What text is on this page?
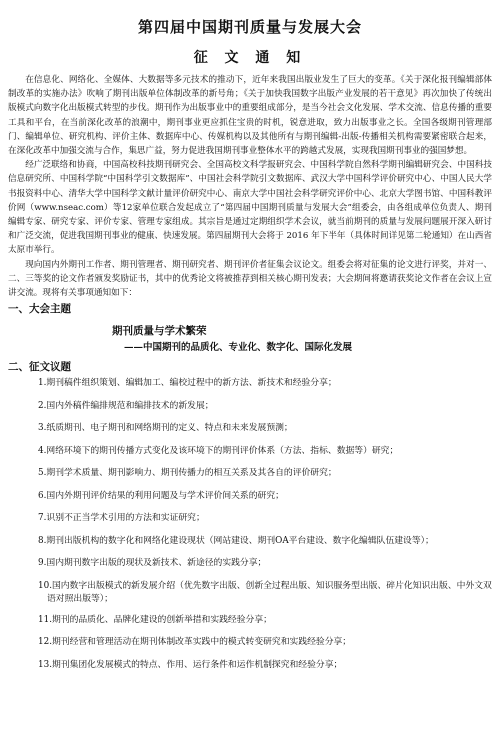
第四届中国期刊质量与发展大会
征 文 通 知

在信息化、网络化、全媒体、大数据等多元技术的推动下，近年来我国出版业发生了巨大的变革。《关于深化报刊编辑部体制改革的实施办法》吹响了期刊出版单位体制改革的新号角；《关于加快我国数字出版产业发展的若干意见》再次加快了传统出版模式向数字化出版模式转型的步伐。期刊作为出版事业中的重要组成部分，是当今社会文化发展、学术交流、信息传播的重要工具和平台，在当前深化改革的浪潮中，期刊事业更应抓住宝贵的时机，锐意进取，致力出版事业之长。全国各级期刊管理部门、编辑单位、研究机构、评价主体、数据库中心、传媒机构以及其他所有与期刊编辑-出版-传播相关机构需要紧密联合起来，在深化改革中加强交流与合作，集思广益，努力促进我国期刊事业整体水平的跨越式发展，实现我国期刊事业的强国梦想。

经广泛联络和协商，中国高校科技期刊研究会、全国高校文科学报研究会、中国科学院自然科学期刊编辑研究会、中国科技信息研究所、中国科学院“中国科学引文数据库”、中国社会科学院引文数据库、武汉大学中国科学评价研究中心、中国人民大学书报资料中心、清华大学中国科学文献计量评价研究中心、南京大学中国社会科学研究评价中心、北京大学图书馆、中国科教评价网（www.nseac.com）等12家单位联合发起成立了“第四届中国期刊质量与发展大会”组委会，由各组成单位负责人、期刊编辑专家、研究专家、评价专家、管理专家组成。其宗旨是通过定期组织学术会议，就当前期刊的质量与发展问题展开深入研讨和广泛交流，促进我国期刊事业的健康、快速发展。第四届期刊大会将于 2016 年下半年（具体时间详见第二轮通知）在山西省太原市举行。

现向国内外期刊工作者、期刊管理者、期刊研究者、期刊评价者征集会议论文。组委会将对征集的论文进行评奖，并对一、二、三等奖的论文作者颁发奖励证书，其中的优秀论文将被推荐到相关核心期刊发表；大会期间将邀请获奖论文作者在会议上宣讲交流。现将有关事项通知如下：

一、大会主题
期刊质量与学术繁荣
——中国期刊的品质化、专业化、数字化、国际化发展
二、征文议题
1.期刊稿件组织策划、编辑加工、编校过程中的新方法、新技术和经验分享；
2.国内外稿件编排规范和编排技术的新发展；
3.纸质期刊、电子期刊和网络期刊的定义、特点和未来发展预测；
4.网络环境下的期刊传播方式变化及该环境下的期刊评价体系（方法、指标、数据等）研究；
5.期刊学术质量、期刊影响力、期刊传播力的相互关系及其各自的评价研究；
6.国内外期刊评价结果的利用问题及与学术评价间关系的研究；
7.识别不正当学术引用的方法和实证研究；
8.期刊出版机构的数字化和网络化建设现状（网站建设、期刊OA平台建设、数字化编辑队伍建设等）；
9.国内期刊数字出版的现状及新技术、新途径的实践分享；
10.国内数字出版模式的新发展介绍（优先数字出版、创新全过程出版、知识服务型出版、碎片化知识出版、中外文双语对照出版等）；
11.期刊的品质化、品牌化建设的创新举措和实践经验分享；
12.期刊经营和管理活动在期刊体制改革实践中的模式转变研究和实践经验分享；
13.期刊集团化发展模式的特点、作用、运行条件和运作机制探究和经验分享；
